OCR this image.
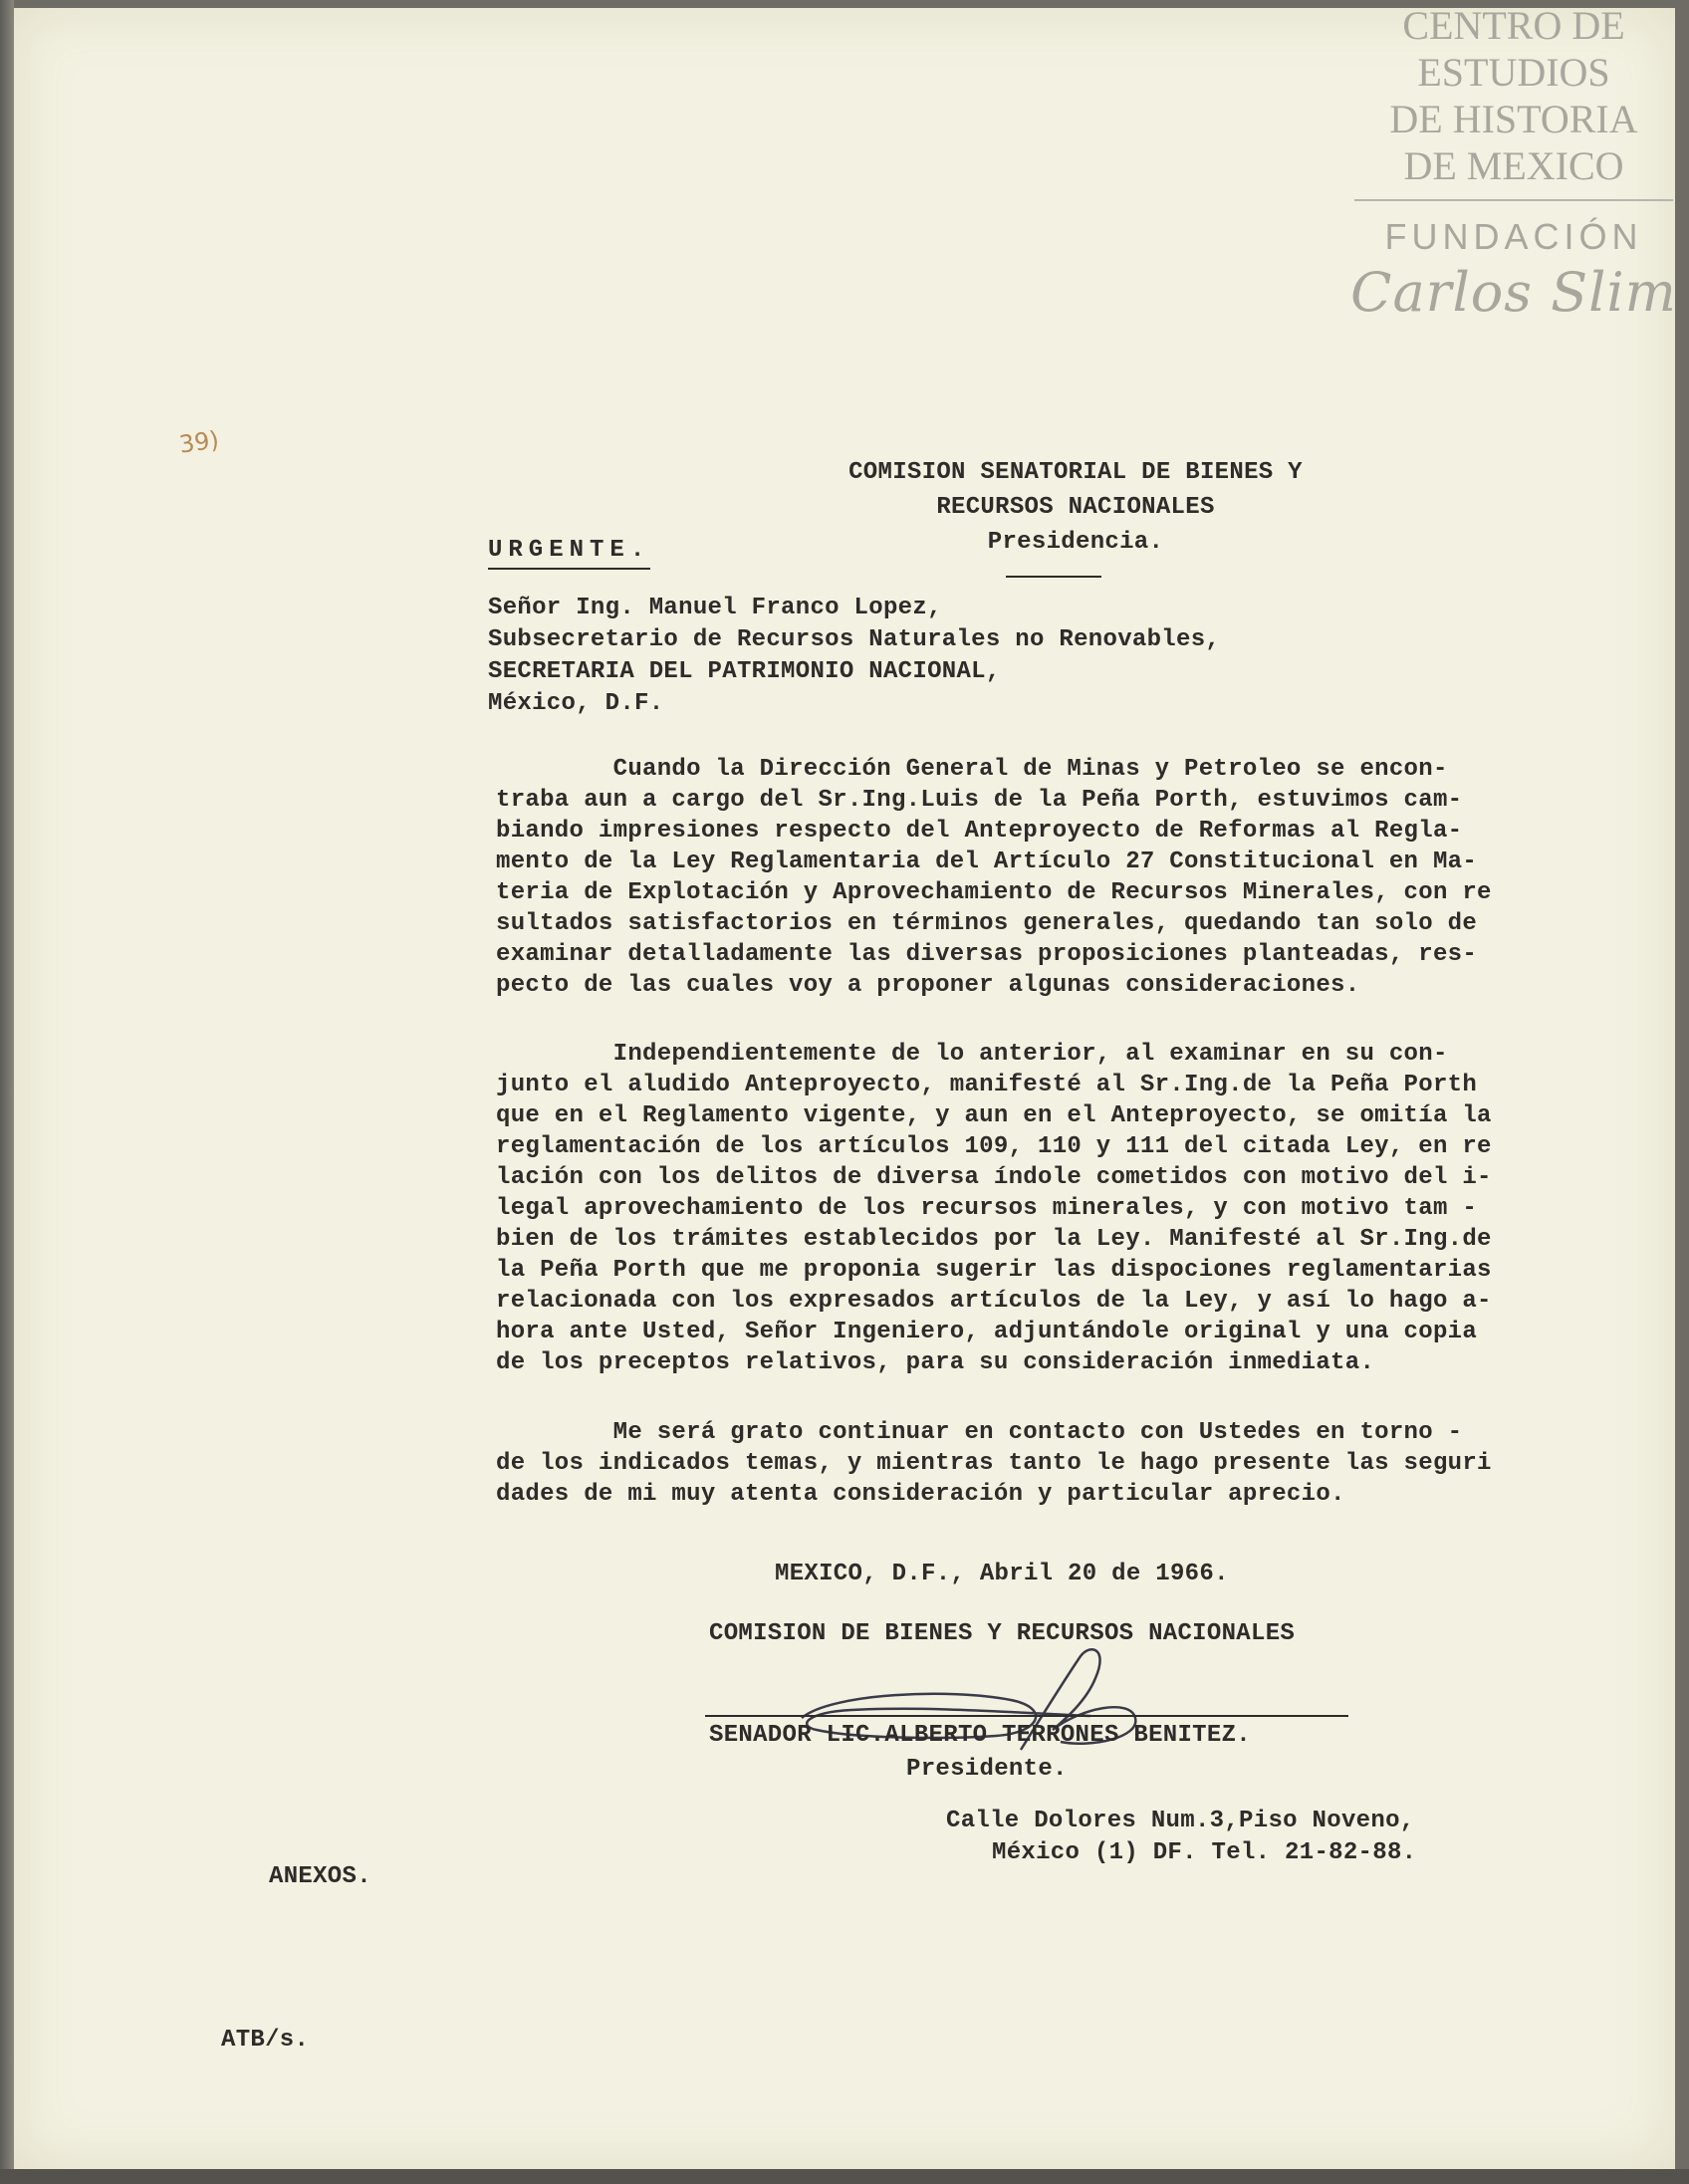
CENTRO DE
ESTUDIOS
DE HISTORIA
DE MEXICO
FUNDACIÓN
Carlos Slim
39)

COMISION SENATORIAL DE BIENES Y

RECURSOS NACIONALES

Presidencia.

URGENTE.
Señor Ing. Manuel Franco Lopez,
Subsecretario de Recursos Naturales no Renovables,
SECRETARIA DEL PATRIMONIO NACIONAL,
México, D.F.
Cuando la Dirección General de Minas y Petroleo se encon-
traba aun a cargo del Sr.Ing.Luis de la Peña Porth, estuvimos cam-
biando impresiones respecto del Anteproyecto de Reformas al Regla-
mento de la Ley Reglamentaria del Artículo 27 Constitucional en Ma-
teria de Explotación y Aprovechamiento de Recursos Minerales, con re
sultados satisfactorios en términos generales, quedando tan solo de
examinar detalladamente las diversas proposiciones planteadas, res-
pecto de las cuales voy a proponer algunas consideraciones.
Independientemente de lo anterior, al examinar en su con-
junto el aludido Anteproyecto, manifesté al Sr.Ing.de la Peña Porth
que en el Reglamento vigente, y aun en el Anteproyecto, se omitía la
reglamentación de los artículos 109, 110 y 111 del citada Ley, en re
lación con los delitos de diversa índole cometidos con motivo del i-
legal aprovechamiento de los recursos minerales, y con motivo tam -
bien de los trámites establecidos por la Ley. Manifesté al Sr.Ing.de
la Peña Porth que me proponia sugerir las dispociones reglamentarias
relacionada con los expresados artículos de la Ley, y así lo hago a-
hora ante Usted, Señor Ingeniero, adjuntándole original y una copia
de los preceptos relativos, para su consideración inmediata.
Me será grato continuar en contacto con Ustedes en torno -
de los indicados temas, y mientras tanto le hago presente las seguri
dades de mi muy atenta consideración y particular aprecio.
MEXICO, D.F., Abril 20 de 1966.
COMISION DE BIENES Y RECURSOS NACIONALES
SENADOR LIC.ALBERTO TERRONES BENITEZ.
Presidente.
Calle Dolores Num.3,Piso Noveno,
México (1) DF. Tel. 21-82-88.
ANEXOS.
ATB/s.
